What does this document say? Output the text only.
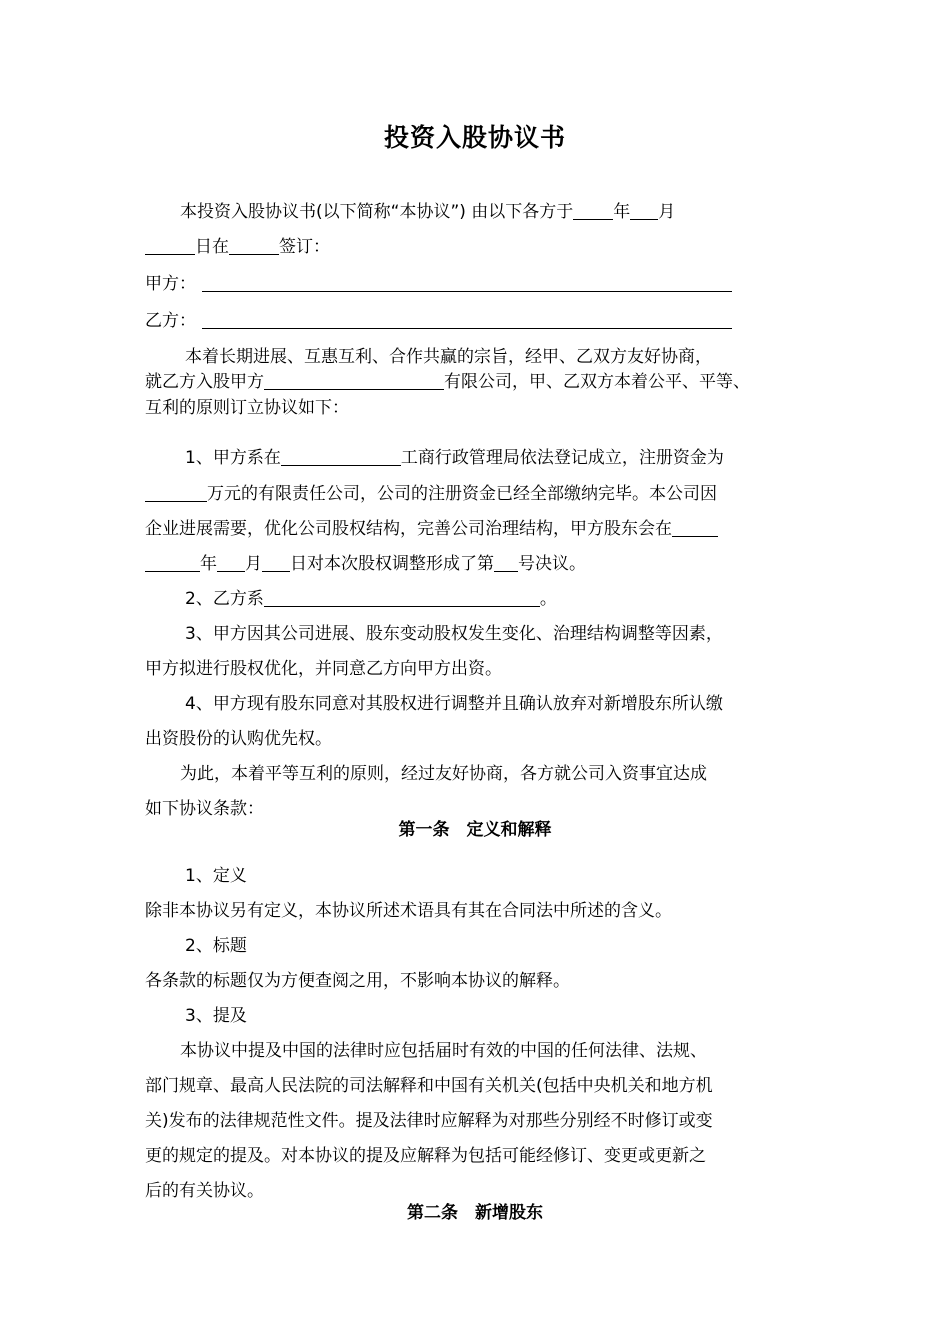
投资入股协议书
本投资入股协议书(以下简称“本协议”) 由以下各方于 年 月
日在	签订：
甲方：
乙方：
本着长期进展、互惠互利、合作共赢的宗旨，经甲、乙双方友好协商，
就乙方入股甲方	有限公司，甲、乙双方本着公平、平等、
互利的原则订立协议如下：
1、甲方系在	工商行政管理局依法登记成立，注册资金为
万元的有限责任公司，公司的注册资金已经全部缴纳完毕。本公司因
企业进展需要，优化公司股权结构，完善公司治理结构，甲方股东会在
年 月 日对本次股权调整形成了第 号决议。
2、乙方系	。
3、甲方因其公司进展、股东变动股权发生变化、治理结构调整等因素，
甲方拟进行股权优化，并同意乙方向甲方出资。
4、甲方现有股东同意对其股权进行调整并且确认放弃对新增股东所认缴
出资股份的认购优先权。
为此，本着平等互利的原则，经过友好协商，各方就公司入资事宜达成
如下协议条款：
第一条　定义和解释
1、定义
除非本协议另有定义，本协议所述术语具有其在合同法中所述的含义。
2、标题
各条款的标题仅为方便查阅之用，不影响本协议的解释。
3、提及
本协议中提及中国的法律时应包括届时有效的中国的任何法律、法规、
部门规章、最高人民法院的司法解释和中国有关机关(包括中央机关和地方机
关)发布的法律规范性文件。提及法律时应解释为对那些分别经不时修订或变
更的规定的提及。对本协议的提及应解释为包括可能经修订、变更或更新之
后的有关协议。
第二条　新增股东
